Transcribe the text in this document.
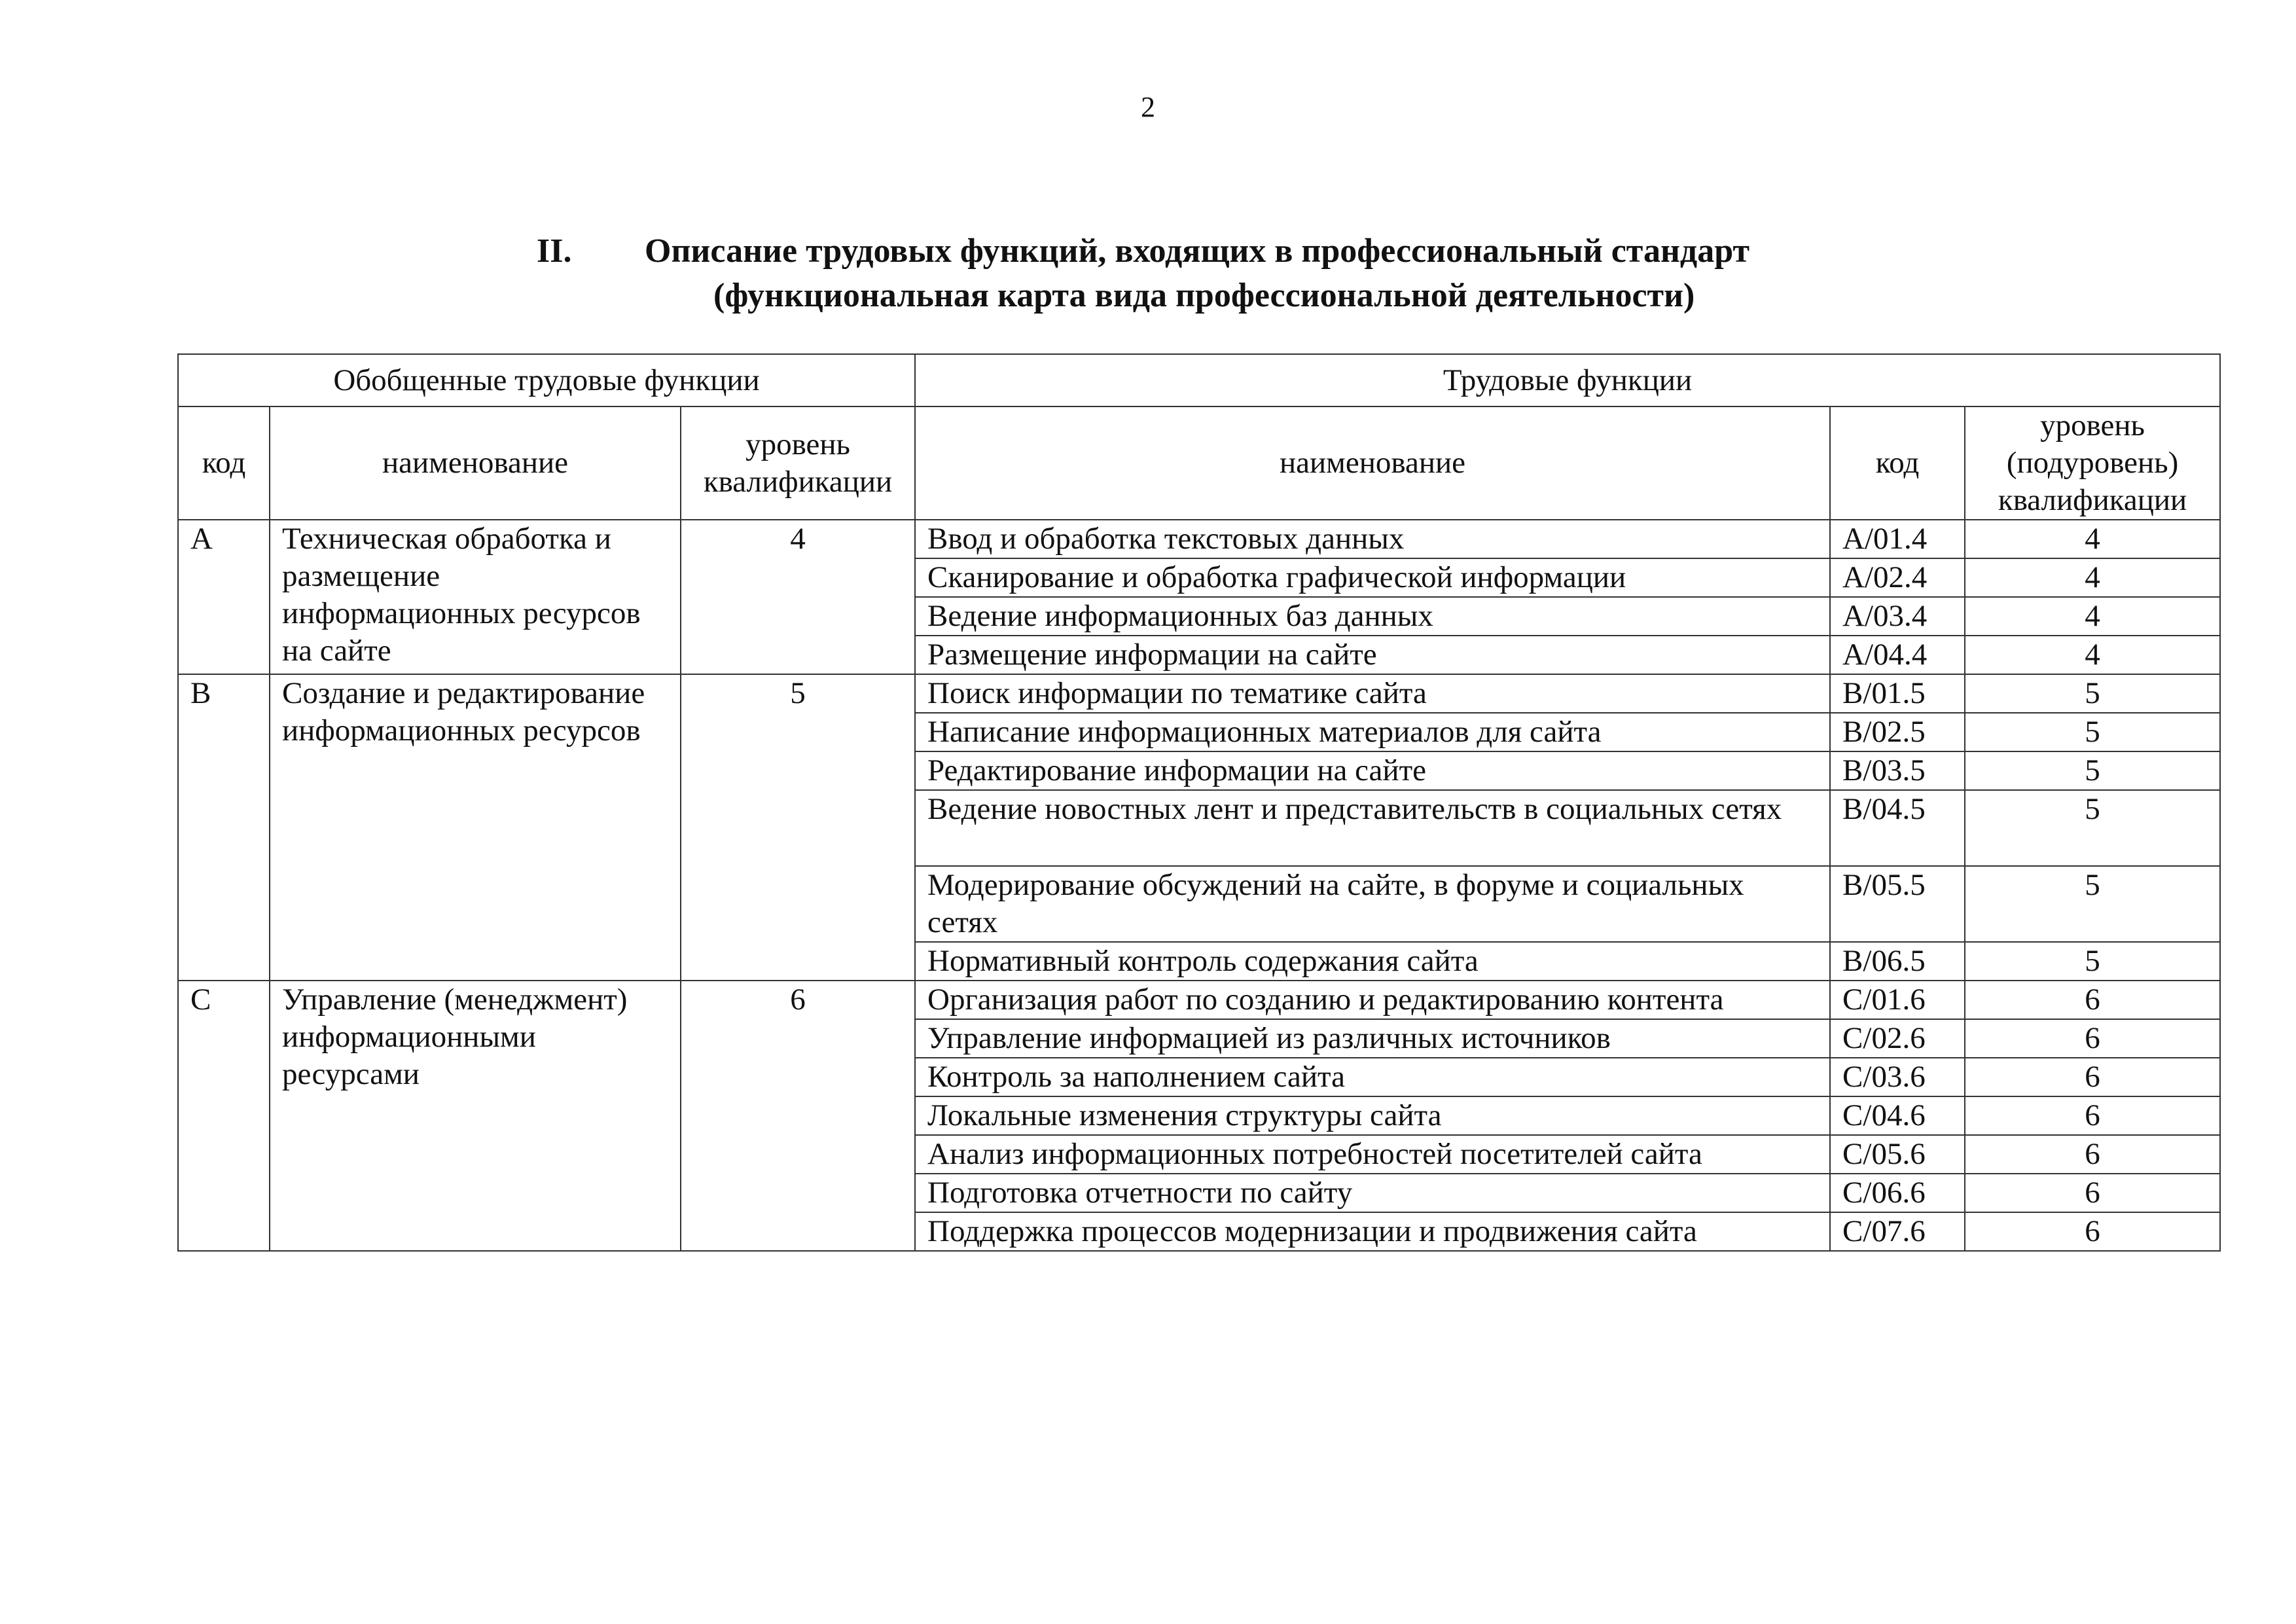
2
II. Описание трудовых функций, входящих в профессиональный стандарт
(функциональная карта вида профессиональной деятельности)
Обобщенные трудовые функции			Трудовые функции		
код	наименование	уровень квалификации	наименование	код	уровень (подуровень) квалификации
A	Техническая обработка и размещение информационных ресурсов на сайте	4	Ввод и обработка текстовых данных	A/01.4	4
			Сканирование и обработка графической информации	A/02.4	4
			Ведение информационных баз данных	A/03.4	4
			Размещение информации на сайте	A/04.4	4
B	Создание и редактирование информационных ресурсов	5	Поиск информации по тематике сайта	B/01.5	5
			Написание информационных материалов для сайта	B/02.5	5
			Редактирование информации на сайте	B/03.5	5
			Ведение новостных лент и представительств в социальных сетях	B/04.5	5
			Модерирование обсуждений на сайте, в форуме и социальных сетях	B/05.5	5
			Нормативный контроль содержания сайта	B/06.5	5
C	Управление (менеджмент) информационными ресурсами	6	Организация работ по созданию и редактированию контента	C/01.6	6
			Управление информацией из различных источников	C/02.6	6
			Контроль за наполнением сайта	C/03.6	6
			Локальные изменения структуры сайта	C/04.6	6
			Анализ информационных потребностей посетителей сайта	C/05.6	6
			Подготовка отчетности по сайту	C/06.6	6
			Поддержка процессов модернизации и продвижения сайта	C/07.6	6
